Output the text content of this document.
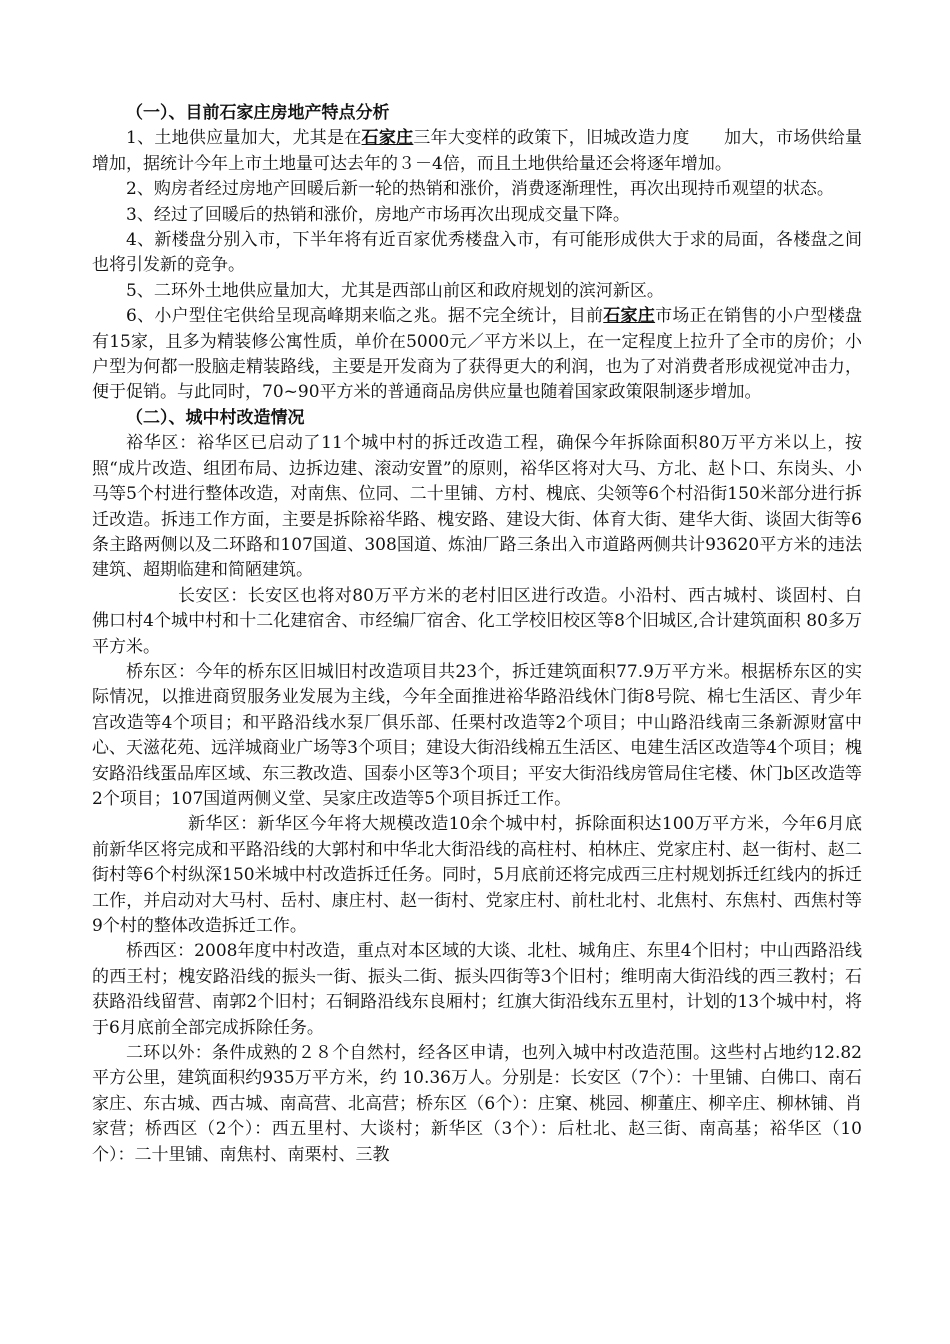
（一）、目前石家庄房地产特点分析

1、土地供应量加大，尤其是在石家庄三年大变样的政策下，旧城改造力度　　加大，市场供给量增加，据统计今年上市土地量可达去年的３－4倍，而且土地供给量还会将逐年增加。

2、购房者经过房地产回暖后新一轮的热销和涨价，消费逐渐理性，再次出现持币观望的状态。

3、经过了回暖后的热销和涨价，房地产市场再次出现成交量下降。

4、新楼盘分别入市，下半年将有近百家优秀楼盘入市，有可能形成供大于求的局面，各楼盘之间也将引发新的竞争。

5、二环外土地供应量加大，尤其是西部山前区和政府规划的滨河新区。

6、小户型住宅供给呈现高峰期来临之兆。据不完全统计，目前石家庄市场正在销售的小户型楼盘有15家，且多为精装修公寓性质，单价在5000元／平方米以上，在一定程度上拉升了全市的房价；小户型为何都一股脑走精装路线，主要是开发商为了获得更大的利润，也为了对消费者形成视觉冲击力，便于促销。与此同时，70~90平方米的普通商品房供应量也随着国家政策限制逐步增加。

（二）、城中村改造情况

裕华区：裕华区已启动了11个城中村的拆迁改造工程，确保今年拆除面积80万平方米以上，按照“成片改造、组团布局、边拆边建、滚动安置”的原则，裕华区将对大马、方北、赵卜口、东岗头、小马等5个村进行整体改造，对南焦、位同、二十里铺、方村、槐底、尖领等6个村沿街150米部分进行拆迁改造。拆违工作方面，主要是拆除裕华路、槐安路、建设大街、体育大街、建华大街、谈固大街等6条主路两侧以及二环路和107国道、308国道、炼油厂路三条出入市道路两侧共计93620平方米的违法建筑、超期临建和简陋建筑。

长安区：长安区也将对80万平方米的老村旧区进行改造。小沿村、西古城村、谈固村、白佛口村4个城中村和十二化建宿舍、市经编厂宿舍、化工学校旧校区等8个旧城区,合计建筑面积 80多万平方米。

桥东区：今年的桥东区旧城旧村改造项目共23个，拆迁建筑面积77.9万平方米。根据桥东区的实际情况，以推进商贸服务业发展为主线，今年全面推进裕华路沿线休门街8号院、棉七生活区、青少年宫改造等4个项目；和平路沿线水泵厂俱乐部、任栗村改造等2个项目；中山路沿线南三条新源财富中心、天滋花苑、远洋城商业广场等3个项目；建设大街沿线棉五生活区、电建生活区改造等4个项目；槐安路沿线蛋品库区域、东三教改造、国泰小区等3个项目；平安大街沿线房管局住宅楼、休门b区改造等2个项目；107国道两侧义堂、吴家庄改造等5个项目拆迁工作。

新华区：新华区今年将大规模改造10余个城中村，拆除面积达100万平方米，今年6月底前新华区将完成和平路沿线的大郭村和中华北大街沿线的高柱村、柏林庄、党家庄村、赵一街村、赵二街村等6个村纵深150米城中村改造拆迁任务。同时，5月底前还将完成西三庄村规划拆迁红线内的拆迁工作，并启动对大马村、岳村、康庄村、赵一街村、党家庄村、前杜北村、北焦村、东焦村、西焦村等9个村的整体改造拆迁工作。

桥西区：2008年度中村改造，重点对本区域的大谈、北杜、城角庄、东里4个旧村；中山西路沿线的西王村；槐安路沿线的振头一街、振头二街、振头四街等3个旧村；维明南大街沿线的西三教村；石获路沿线留营、南郭2个旧村；石铜路沿线东良厢村；红旗大街沿线东五里村，计划的13个城中村，将于6月底前全部完成拆除任务。

二环以外：条件成熟的２８个自然村，经各区申请，也列入城中村改造范围。这些村占地约12.82平方公里，建筑面积约935万平方米，约 10.36万人。分别是：长安区（7个）：十里铺、白佛口、南石家庄、东古城、西古城、南高营、北高营；桥东区（6个）：庄窠、桃园、柳董庄、柳辛庄、柳林铺、肖家营；桥西区（2个）：西五里村、大谈村；新华区（3个）：后杜北、赵三街、南高基；裕华区（10个）：二十里铺、南焦村、南栗村、三教
